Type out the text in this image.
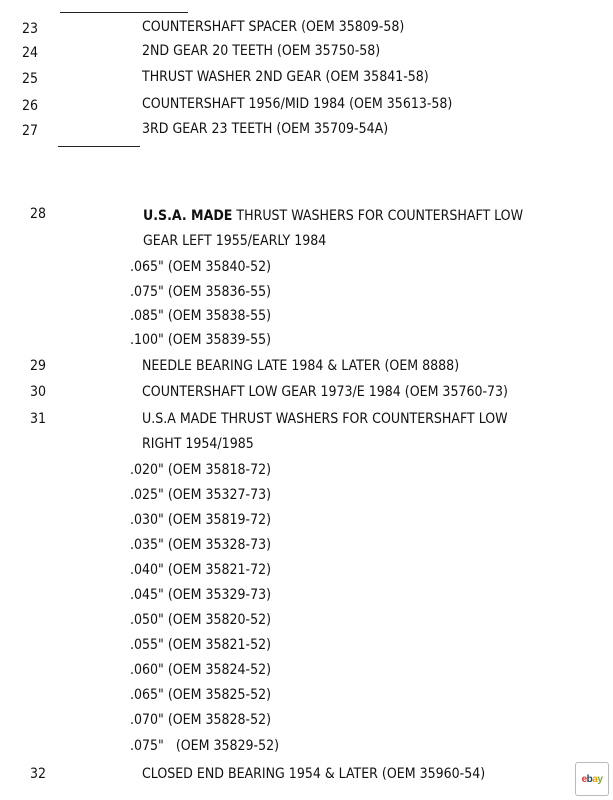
23	COUNTERSHAFT SPACER (OEM 35809-58)
24	2ND GEAR 20 TEETH (OEM 35750-58)
25	THRUST WASHER 2ND GEAR (OEM 35841-58)
26	COUNTERSHAFT 1956/MID 1984 (OEM 35613-58)
27	3RD GEAR 23 TEETH (OEM 35709-54A)
28	U.S.A. MADE THRUST WASHERS FOR COUNTERSHAFT LOW
GEAR LEFT 1955/EARLY 1984
.065" (OEM 35840-52)
.075" (OEM 35836-55)
.085" (OEM 35838-55)
.100" (OEM 35839-55)
29	NEEDLE BEARING LATE 1984 & LATER (OEM 8888)
30	COUNTERSHAFT LOW GEAR 1973/E 1984 (OEM 35760-73)
31	U.S.A MADE THRUST WASHERS FOR COUNTERSHAFT LOW
RIGHT 1954/1985
.020" (OEM 35818-72)
.025" (OEM 35327-73)
.030" (OEM 35819-72)
.035" (OEM 35328-73)
.040" (OEM 35821-72)
.045" (OEM 35329-73)
.050" (OEM 35820-52)
.055" (OEM 35821-52)
.060" (OEM 35824-52)
.065" (OEM 35825-52)
.070" (OEM 35828-52)
.075"   (OEM 35829-52)
32	CLOSED END BEARING 1954 & LATER (OEM 35960-54)	e b a y
